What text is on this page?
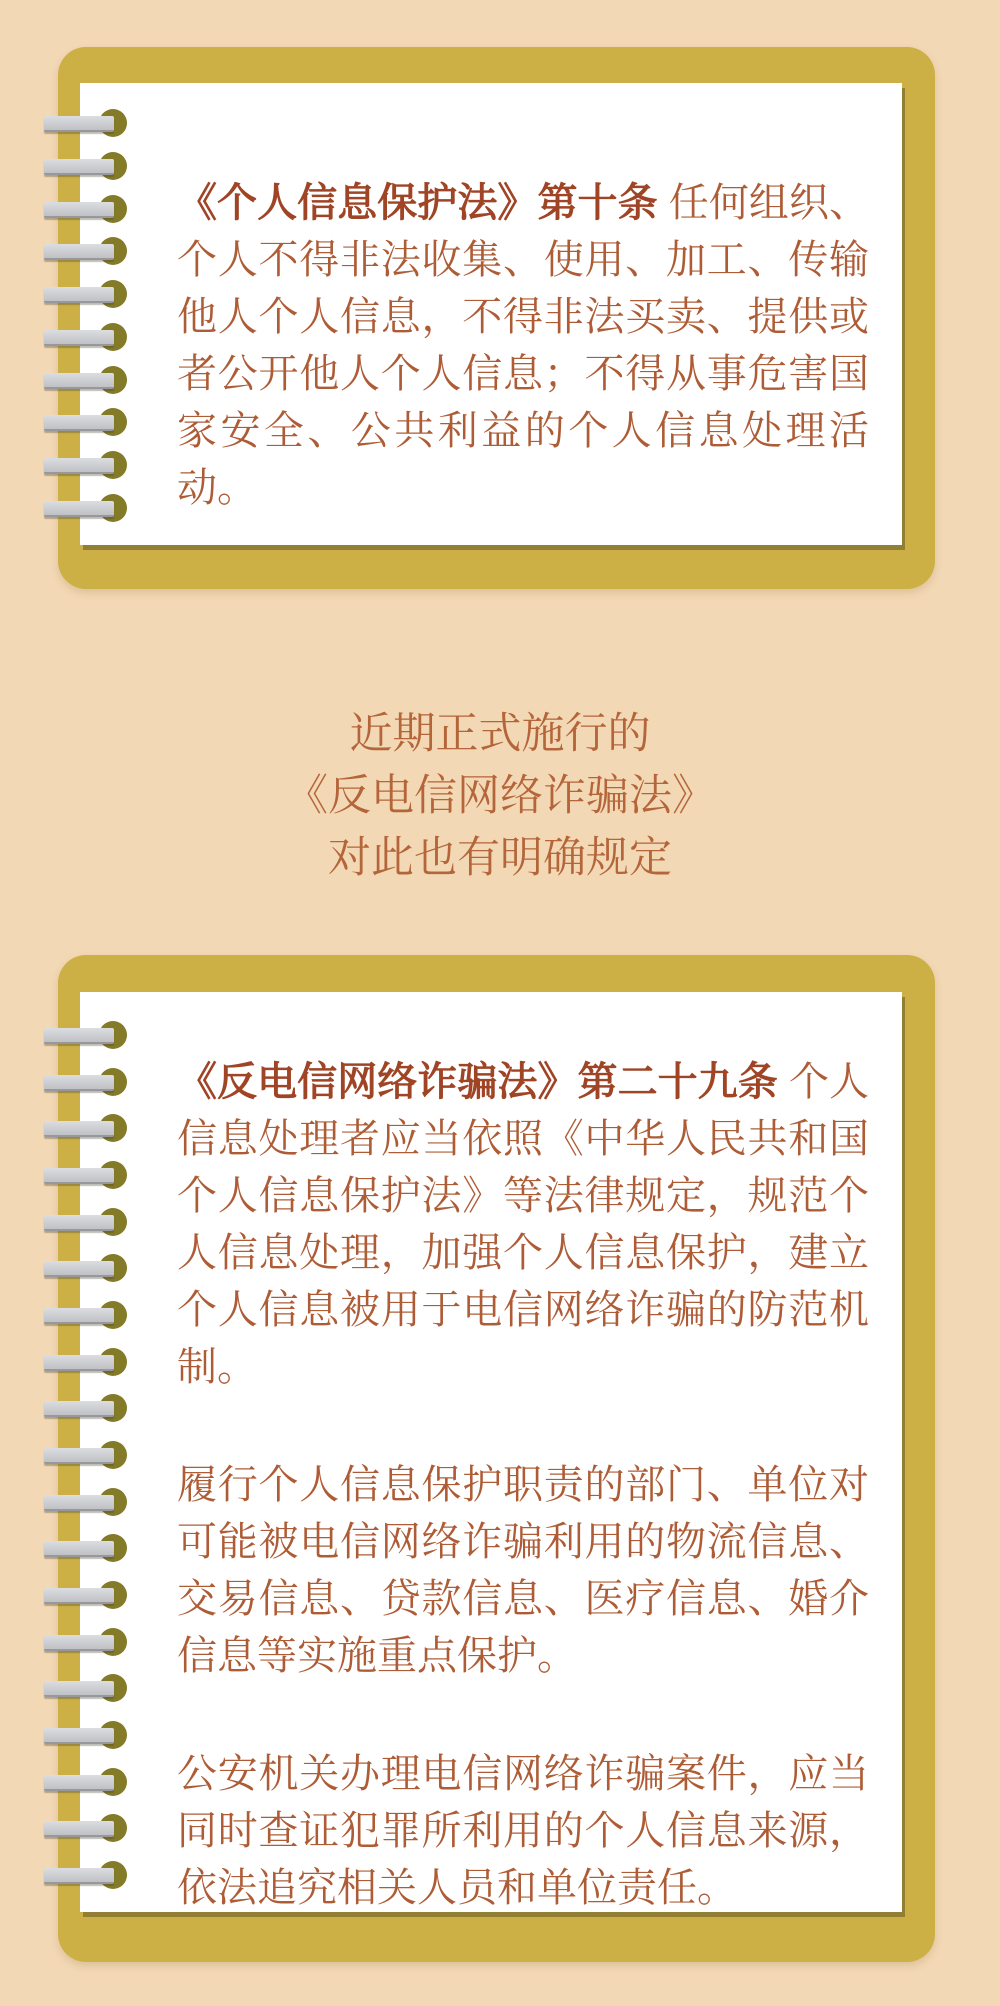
《个人信息保护法》第十条 任何组织、个人不得非法收集、使用、加工、传输他人个人信息，不得非法买卖、提供或者公开他人个人信息；不得从事危害国家安全、公共利益的个人信息处理活动。

近期正式施行的
《反电信网络诈骗法》
对此也有明确规定

《反电信网络诈骗法》第二十九条 个人信息处理者应当依照《中华人民共和国个人信息保护法》等法律规定，规范个人信息处理，加强个人信息保护，建立个人信息被用于电信网络诈骗的防范机制。

履行个人信息保护职责的部门、单位对可能被电信网络诈骗利用的物流信息、交易信息、贷款信息、医疗信息、婚介信息等实施重点保护。

公安机关办理电信网络诈骗案件，应当同时查证犯罪所利用的个人信息来源，依法追究相关人员和单位责任。
